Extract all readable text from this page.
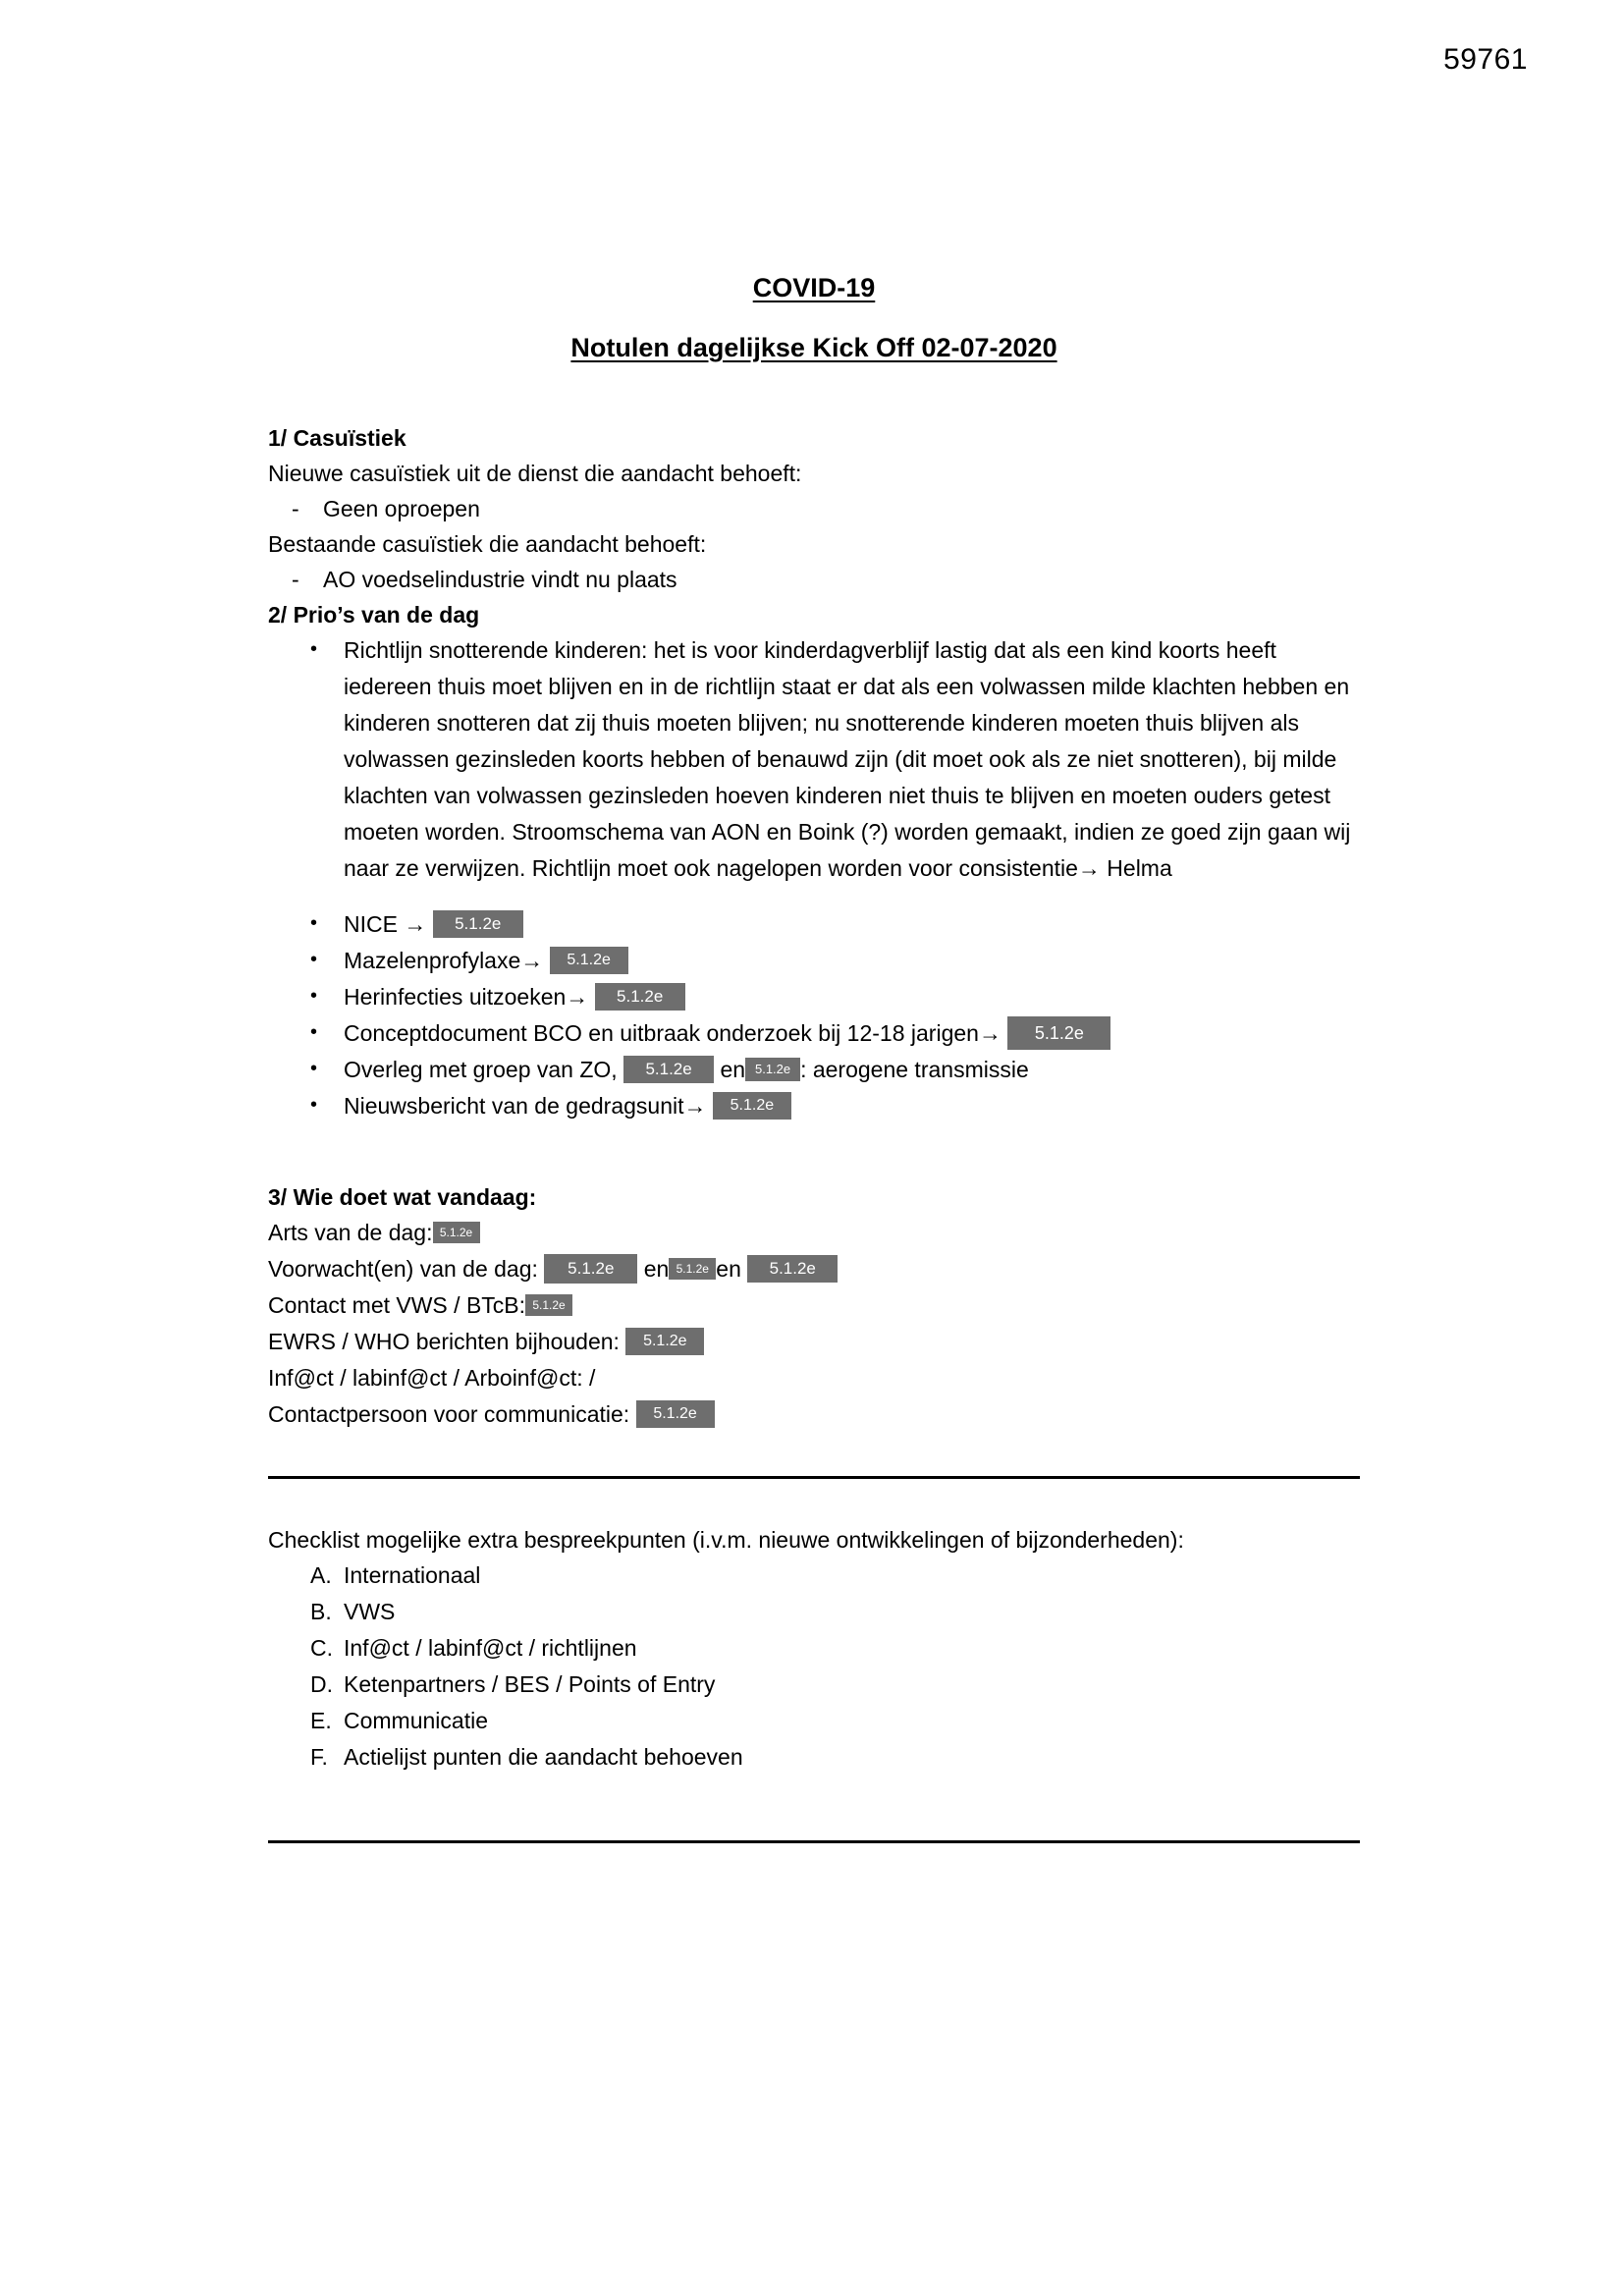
59761
COVID-19
Notulen dagelijkse Kick Off 02-07-2020
1/ Casuïstiek
Nieuwe casuïstiek uit de dienst die aandacht behoeft:
- Geen oproepen
Bestaande casuïstiek die aandacht behoeft:
- AO voedselindustrie vindt nu plaats
2/ Prio’s van de dag
• Richtlijn snotterende kinderen: het is voor kinderdagverblijf lastig dat als een kind koorts heeft iedereen thuis moet blijven en in de richtlijn staat er dat als een volwassen milde klachten hebben en kinderen snotteren dat zij thuis moeten blijven; nu snotterende kinderen moeten thuis blijven als volwassen gezinsleden koorts hebben of benauwd zijn (dit moet ook als ze niet snotteren), bij milde klachten van volwassen gezinsleden hoeven kinderen niet thuis te blijven en moeten ouders getest moeten worden. Stroomschema van AON en Boink (?) worden gemaakt, indien ze goed zijn gaan wij naar ze verwijzen. Richtlijn moet ook nagelopen worden voor consistentie→ Helma
• NICE → 5.1.2e
• Mazelenprofylaxe→ 5.1.2e
• Herinfecties uitzoeken→ 5.1.2e
• Conceptdocument BCO en uitbraak onderzoek bij 12-18 jarigen→ 5.1.2e
• Overleg met groep van ZO, 5.1.2e en 5.1.2e : aerogene transmissie
• Nieuwsbericht van de gedragsunit→ 5.1.2e
3/ Wie doet wat vandaag:
Arts van de dag: 5.1.2e
Voorwacht(en) van de dag: 5.1.2e en 5.1.2e en 5.1.2e
Contact met VWS / BTcB: 5.1.2e
EWRS / WHO berichten bijhouden: 5.1.2e
Inf@ct / labinf@ct / Arboinf@ct: /
Contactpersoon voor communicatie: 5.1.2e
Checklist mogelijke extra bespreekpunten (i.v.m. nieuwe ontwikkelingen of bijzonderheden):
A. Internationaal
B. VWS
C. Inf@ct / labinf@ct / richtlijnen
D. Ketenpartners / BES / Points of Entry
E. Communicatie
F. Actielijst punten die aandacht behoeven
